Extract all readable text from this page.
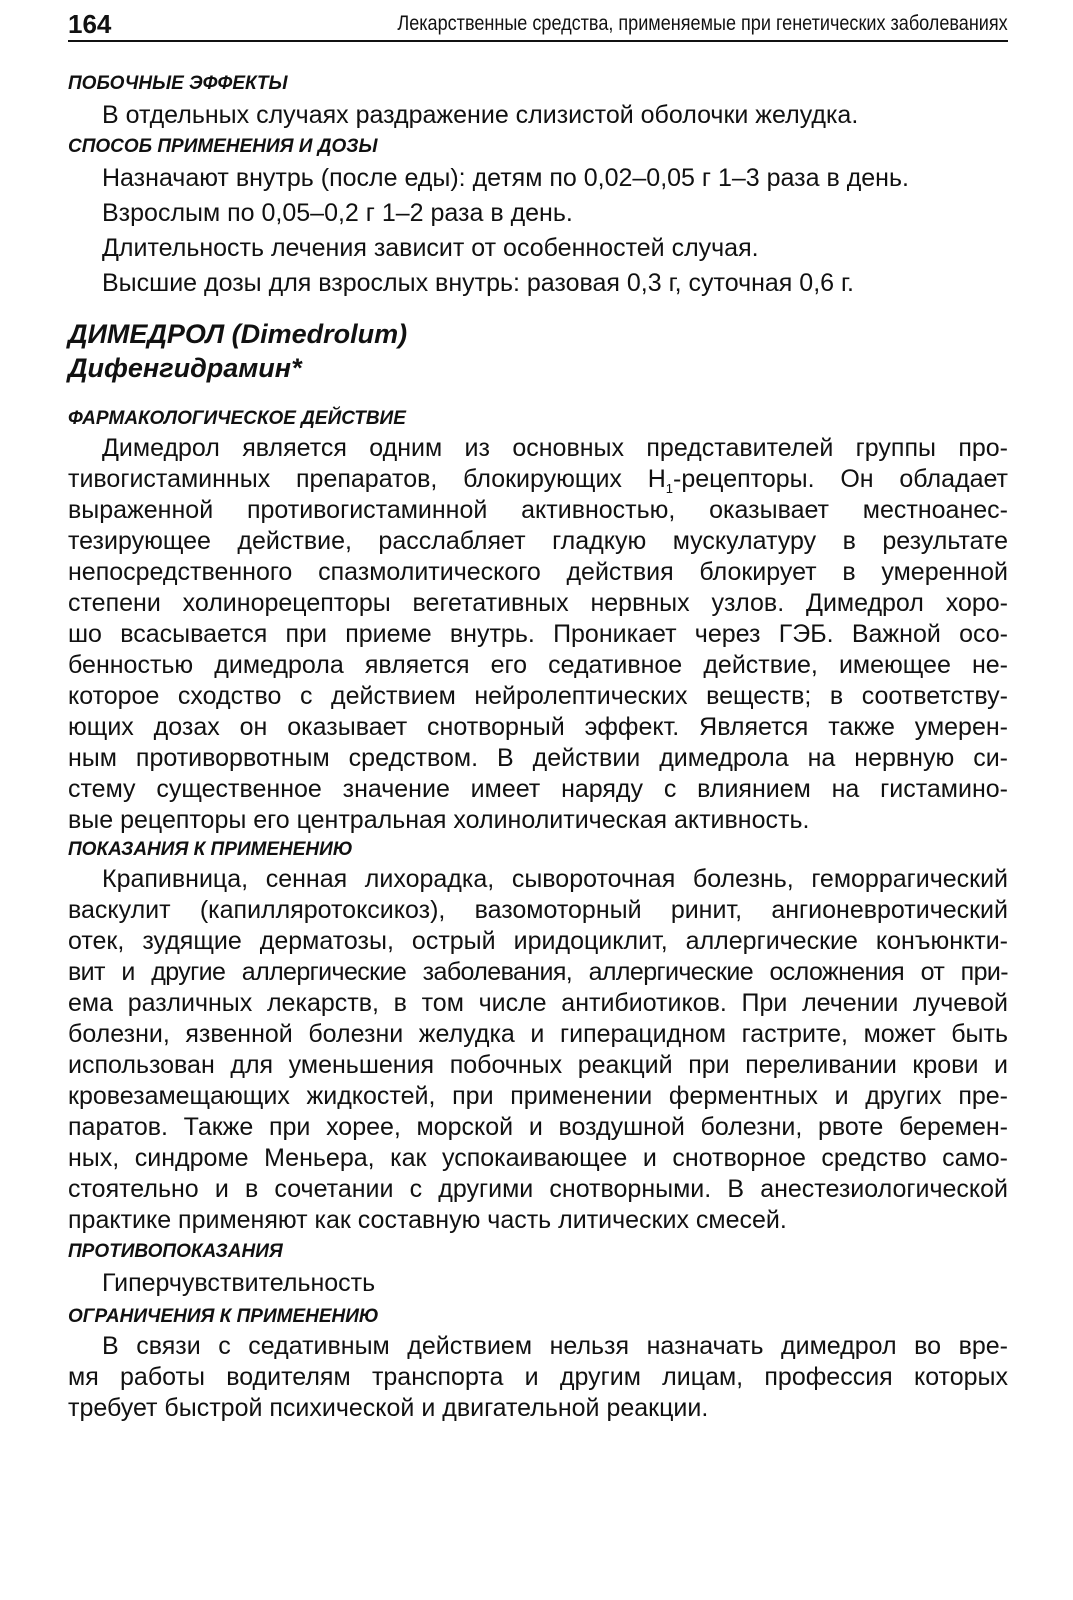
164	Лекарственные средства, применяемые при генетических заболеваниях
ПОБОЧНЫЕ ЭФФЕКТЫ
В отдельных случаях раздражение слизистой оболочки желудка.
СПОСОБ ПРИМЕНЕНИЯ И ДОЗЫ
Назначают внутрь (после еды): детям по 0,02–0,05 г 1–3 раза в день.
Взрослым по 0,05–0,2 г 1–2 раза в день.
Длительность лечения зависит от особенностей случая.
Высшие дозы для взрослых внутрь: разовая 0,3 г, суточная 0,6 г.
ДИМЕДРОЛ (Dimedrolum)
Дифенгидрамин*
ФАРМАКОЛОГИЧЕСКОЕ ДЕЙСТВИЕ
Димедрол является одним из основных представителей группы про-
тивогистаминных препаратов, блокирующих $Н_1$-рецепторы. Он обладает
выраженной противогистаминной активностью, оказывает местноанес-
тезирующее действие, расслабляет гладкую мускулатуру в результате
непосредственного спазмолитического действия блокирует в умеренной
степени холинорецепторы вегетативных нервных узлов. Димедрол хоро-
шо всасывается при приеме внутрь. Проникает через ГЭБ. Важной осо-
бенностью димедрола является его седативное действие, имеющее не-
которое сходство с действием нейролептических веществ; в соответству-
ющих дозах он оказывает снотворный эффект. Является также умерен-
ным противорвотным средством. В действии димедрола на нервную си-
стему существенное значение имеет наряду с влиянием на гистамино-
вые рецепторы его центральная холинолитическая активность.
ПОКАЗАНИЯ К ПРИМЕНЕНИЮ
Крапивница, сенная лихорадка, сывороточная болезнь, геморрагический
васкулит (капилляротоксикоз), вазомоторный ринит, ангионевротический
отек, зудящие дерматозы, острый иридоциклит, аллергические конъюнкти-
вит и другие аллергические заболевания, аллергические осложнения от при-
ема различных лекарств, в том числе антибиотиков. При лечении лучевой
болезни, язвенной болезни желудка и гиперацидном гастрите, может быть
использован для уменьшения побочных реакций при переливании крови и
кровезамещающих жидкостей, при применении ферментных и других пре-
паратов. Также при хорее, морской и воздушной болезни, рвоте беремен-
ных, синдроме Меньера, как успокаивающее и снотворное средство само-
стоятельно и в сочетании с другими снотворными. В анестезиологической
практике применяют как составную часть литических смесей.
ПРОТИВОПОКАЗАНИЯ
Гиперчувствительность
ОГРАНИЧЕНИЯ К ПРИМЕНЕНИЮ
В связи с седативным действием нельзя назначать димедрол во вре-
мя работы водителям транспорта и другим лицам, профессия которых
требует быстрой психической и двигательной реакции.
